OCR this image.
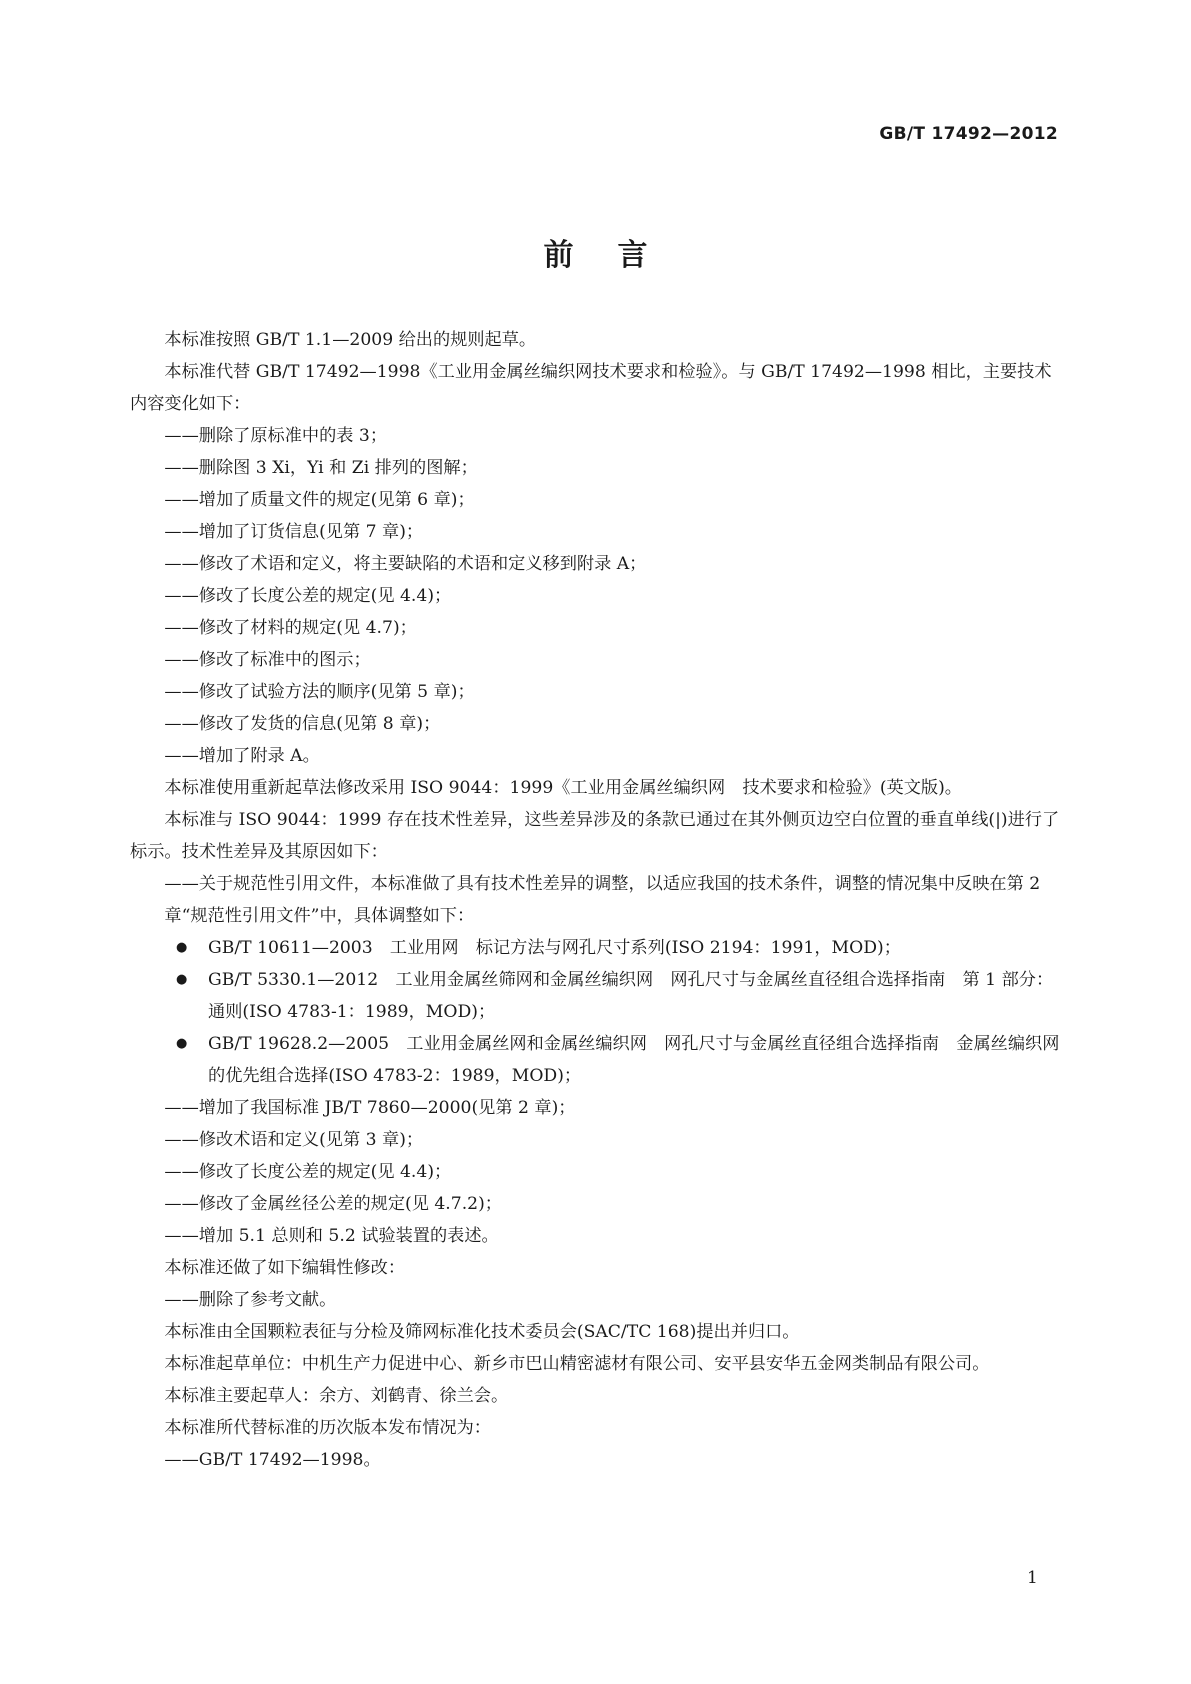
GB/T 17492—2012
前言

本标准按照 GB/T 1.1—2009 给出的规则起草。

本标准代替 GB/T 17492—1998《工业用金属丝编织网技术要求和检验》。与 GB/T 17492—1998 相比，主要技术内容变化如下：

——删除了原标准中的表 3；

——删除图 3 Xi，Yi 和 Zi 排列的图解；

——增加了质量文件的规定(见第 6 章)；

——增加了订货信息(见第 7 章)；

——修改了术语和定义，将主要缺陷的术语和定义移到附录 A；

——修改了长度公差的规定(见 4.4)；

——修改了材料的规定(见 4.7)；

——修改了标准中的图示；

——修改了试验方法的顺序(见第 5 章)；

——修改了发货的信息(见第 8 章)；

——增加了附录 A。

本标准使用重新起草法修改采用 ISO 9044：1999《工业用金属丝编织网　技术要求和检验》(英文版)。

本标准与 ISO 9044：1999 存在技术性差异，这些差异涉及的条款已通过在其外侧页边空白位置的垂直单线(|)进行了标示。技术性差异及其原因如下：

——关于规范性引用文件，本标准做了具有技术性差异的调整，以适应我国的技术条件，调整的情况集中反映在第 2 章“规范性引用文件”中，具体调整如下：

● GB/T 10611—2003　工业用网　标记方法与网孔尺寸系列(ISO 2194：1991，MOD)；

● GB/T 5330.1—2012　工业用金属丝筛网和金属丝编织网　网孔尺寸与金属丝直径组合选择指南　第 1 部分：通则(ISO 4783-1：1989，MOD)；

● GB/T 19628.2—2005　工业用金属丝网和金属丝编织网　网孔尺寸与金属丝直径组合选择指南　金属丝编织网的优先组合选择(ISO 4783-2：1989，MOD)；

——增加了我国标准 JB/T 7860—2000(见第 2 章)；

——修改术语和定义(见第 3 章)；

——修改了长度公差的规定(见 4.4)；

——修改了金属丝径公差的规定(见 4.7.2)；

——增加 5.1 总则和 5.2 试验装置的表述。

本标准还做了如下编辑性修改：

——删除了参考文献。

本标准由全国颗粒表征与分检及筛网标准化技术委员会(SAC/TC 168)提出并归口。

本标准起草单位：中机生产力促进中心、新乡市巴山精密滤材有限公司、安平县安华五金网类制品有限公司。

本标准主要起草人：余方、刘鹤青、徐兰会。

本标准所代替标准的历次版本发布情况为：

——GB/T 17492—1998。

1
